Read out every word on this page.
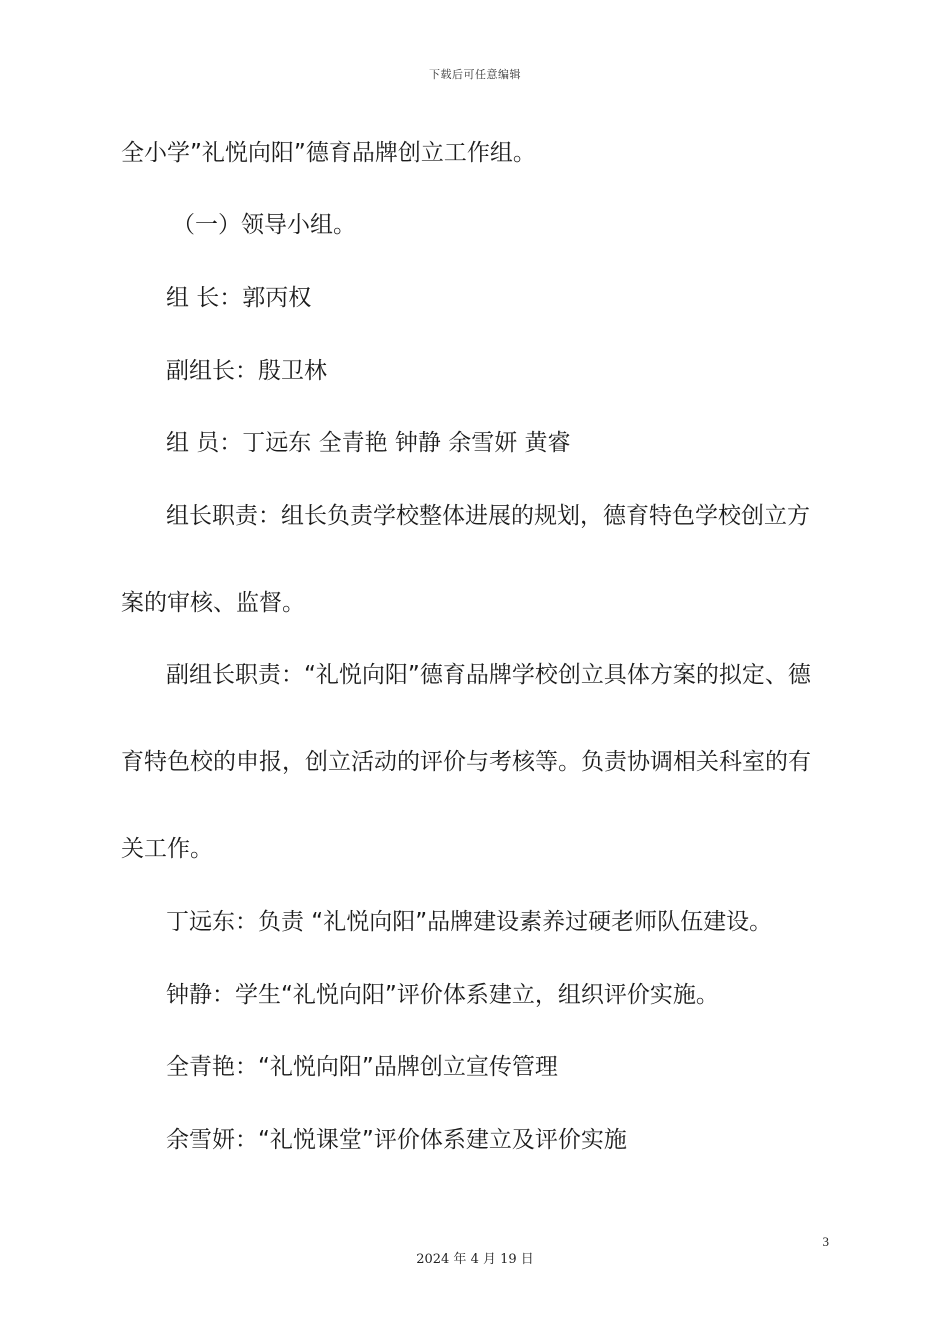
下载后可任意编辑
全小学”礼悦向阳”德育品牌创立工作组。
（一）领导小组。
组 长：郭丙权
副组长：殷卫林
组 员：丁远东 全青艳 钟静 余雪妍 黄睿
组长职责：组长负责学校整体进展的规划，德育特色学校创立方
案的审核、监督。
副组长职责：“礼悦向阳”德育品牌学校创立具体方案的拟定、德
育特色校的申报，创立活动的评价与考核等。负责协调相关科室的有
关工作。
丁远东：负责 “礼悦向阳”品牌建设素养过硬老师队伍建设。
钟静：学生“礼悦向阳”评价体系建立，组织评价实施。
全青艳：“礼悦向阳”品牌创立宣传管理
余雪妍：“礼悦课堂”评价体系建立及评价实施
3
2024 年 4 月 19 日
